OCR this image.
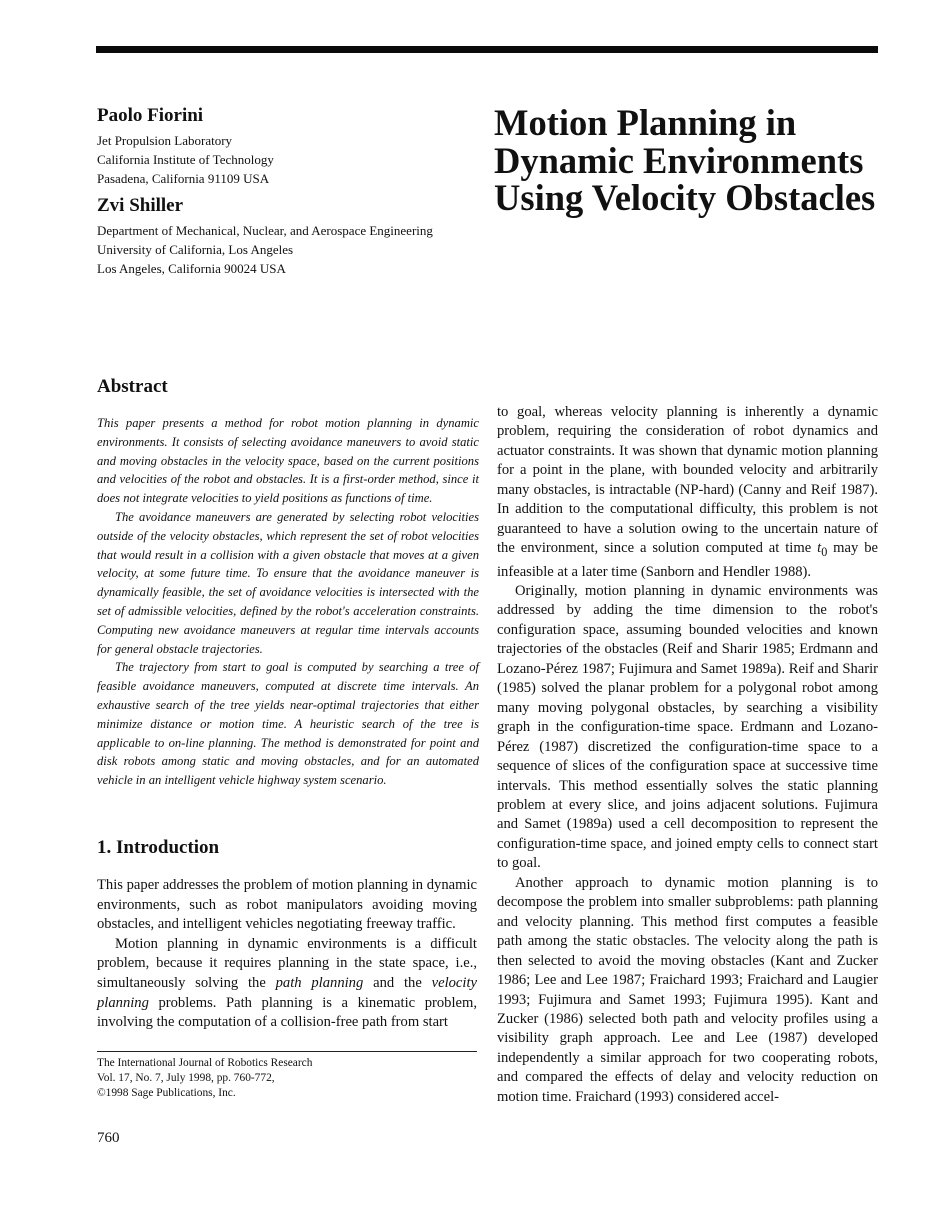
Paolo Fiorini
Jet Propulsion Laboratory
California Institute of Technology
Pasadena, California 91109 USA
Zvi Shiller
Department of Mechanical, Nuclear, and Aerospace Engineering
University of California, Los Angeles
Los Angeles, California 90024 USA
Motion Planning in
Dynamic Environments
Using Velocity Obstacles
Abstract

This paper presents a method for robot motion planning in dynamic environments. It consists of selecting avoidance maneuvers to avoid static and moving obstacles in the velocity space, based on the current positions and velocities of the robot and obstacles. It is a first-order method, since it does not integrate velocities to yield positions as functions of time.

The avoidance maneuvers are generated by selecting robot velocities outside of the velocity obstacles, which represent the set of robot velocities that would result in a collision with a given obstacle that moves at a given velocity, at some future time. To ensure that the avoidance maneuver is dynamically feasible, the set of avoidance velocities is intersected with the set of admissible velocities, defined by the robot's acceleration constraints. Computing new avoidance maneuvers at regular time intervals accounts for general obstacle trajectories.

The trajectory from start to goal is computed by searching a tree of feasible avoidance maneuvers, computed at discrete time intervals. An exhaustive search of the tree yields near-optimal trajectories that either minimize distance or motion time. A heuristic search of the tree is applicable to on-line planning. The method is demonstrated for point and disk robots among static and moving obstacles, and for an automated vehicle in an intelligent vehicle highway system scenario.

1. Introduction

This paper addresses the problem of motion planning in dynamic environments, such as robot manipulators avoiding moving obstacles, and intelligent vehicles negotiating freeway traffic.

Motion planning in dynamic environments is a difficult problem, because it requires planning in the state space, i.e., simultaneously solving the path planning and the velocity planning problems. Path planning is a kinematic problem, involving the computation of a collision-free path from start

The International Journal of Robotics Research
Vol. 17, No. 7, July 1998, pp. 760-772,
©1998 Sage Publications, Inc.
760

to goal, whereas velocity planning is inherently a dynamic problem, requiring the consideration of robot dynamics and actuator constraints. It was shown that dynamic motion planning for a point in the plane, with bounded velocity and arbitrarily many obstacles, is intractable (NP-hard) (Canny and Reif 1987). In addition to the computational difficulty, this problem is not guaranteed to have a solution owing to the uncertain nature of the environment, since a solution computed at time $t_0$ may be infeasible at a later time (Sanborn and Hendler 1988).

Originally, motion planning in dynamic environments was addressed by adding the time dimension to the robot's configuration space, assuming bounded velocities and known trajectories of the obstacles (Reif and Sharir 1985; Erdmann and Lozano-Pérez 1987; Fujimura and Samet 1989a). Reif and Sharir (1985) solved the planar problem for a polygonal robot among many moving polygonal obstacles, by searching a visibility graph in the configuration-time space. Erdmann and Lozano-Pérez (1987) discretized the configuration-time space to a sequence of slices of the configuration space at successive time intervals. This method essentially solves the static planning problem at every slice, and joins adjacent solutions. Fujimura and Samet (1989a) used a cell decomposition to represent the configuration-time space, and joined empty cells to connect start to goal.

Another approach to dynamic motion planning is to decompose the problem into smaller subproblems: path planning and velocity planning. This method first computes a feasible path among the static obstacles. The velocity along the path is then selected to avoid the moving obstacles (Kant and Zucker 1986; Lee and Lee 1987; Fraichard 1993; Fraichard and Laugier 1993; Fujimura and Samet 1993; Fujimura 1995). Kant and Zucker (1986) selected both path and velocity profiles using a visibility graph approach. Lee and Lee (1987) developed independently a similar approach for two cooperating robots, and compared the effects of delay and velocity reduction on motion time. Fraichard (1993) considered accel-
